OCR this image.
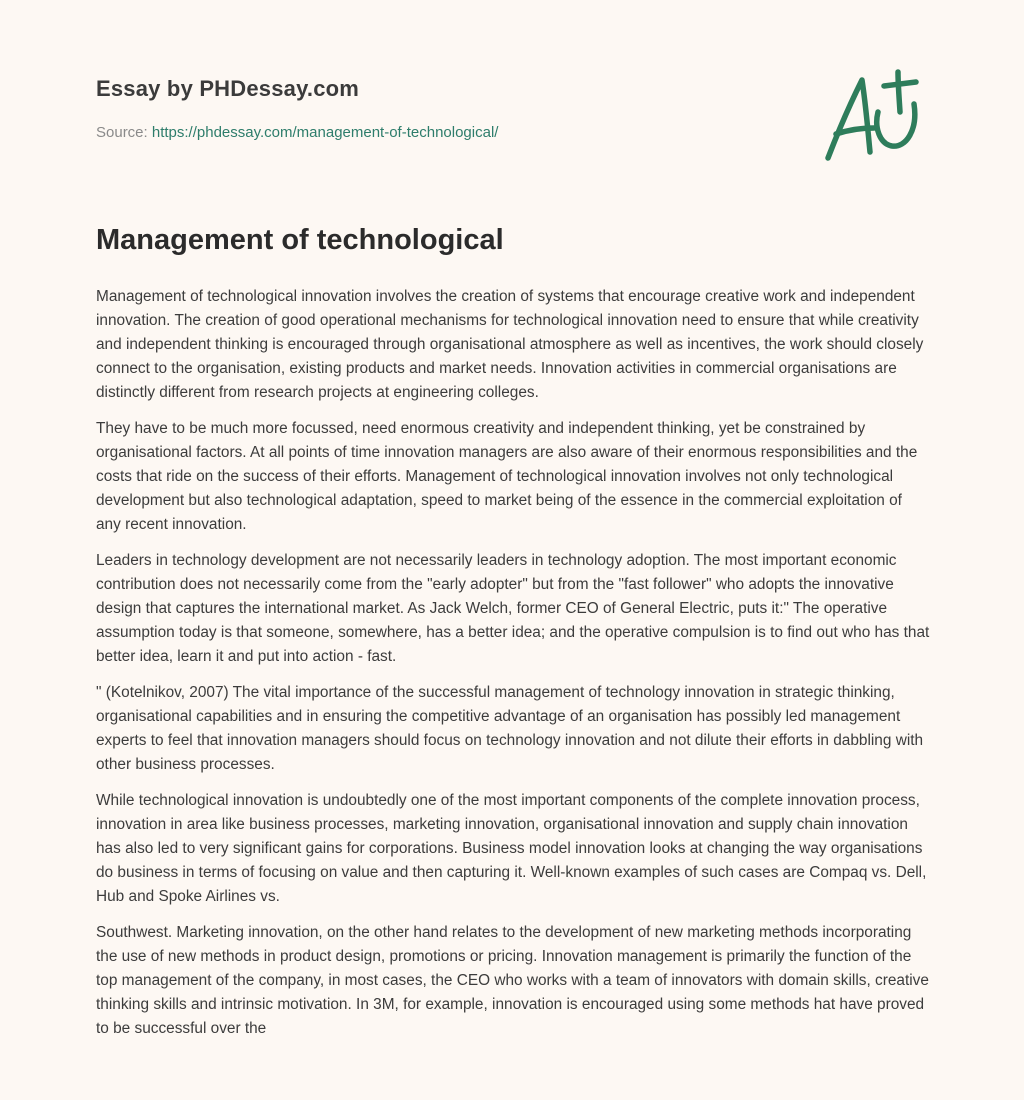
Essay by PHDessay.com
Source: https://phdessay.com/management-of-technological/
Management of technological

Management of technological innovation involves the creation of systems that encourage creative work and independent innovation. The creation of good operational mechanisms for technological innovation need to ensure that while creativity and independent thinking is encouraged through organisational atmosphere as well as incentives, the work should closely connect to the organisation, existing products and market needs. Innovation activities in commercial organisations are distinctly different from research projects at engineering colleges.

They have to be much more focussed, need enormous creativity and independent thinking, yet be constrained by organisational factors. At all points of time innovation managers are also aware of their enormous responsibilities and the costs that ride on the success of their efforts. Management of technological innovation involves not only technological development but also technological adaptation, speed to market being of the essence in the commercial exploitation of any recent innovation.

Leaders in technology development are not necessarily leaders in technology adoption. The most important economic contribution does not necessarily come from the "early adopter" but from the "fast follower" who adopts the innovative design that captures the international market. As Jack Welch, former CEO of General Electric, puts it:" The operative assumption today is that someone, somewhere, has a better idea; and the operative compulsion is to find out who has that better idea, learn it and put into action - fast.

" (Kotelnikov, 2007) The vital importance of the successful management of technology innovation in strategic thinking, organisational capabilities and in ensuring the competitive advantage of an organisation has possibly led management experts to feel that innovation managers should focus on technology innovation and not dilute their efforts in dabbling with other business processes.

While technological innovation is undoubtedly one of the most important components of the complete innovation process, innovation in area like business processes, marketing innovation, organisational innovation and supply chain innovation has also led to very significant gains for corporations. Business model innovation looks at changing the way organisations do business in terms of focusing on value and then capturing it. Well-known examples of such cases are Compaq vs. Dell, Hub and Spoke Airlines vs.

Southwest. Marketing innovation, on the other hand relates to the development of new marketing methods incorporating the use of new methods in product design, promotions or pricing. Innovation management is primarily the function of the top management of the company, in most cases, the CEO who works with a team of innovators with domain skills, creative thinking skills and intrinsic motivation. In 3M, for example, innovation is encouraged using some methods hat have proved to be successful over the
